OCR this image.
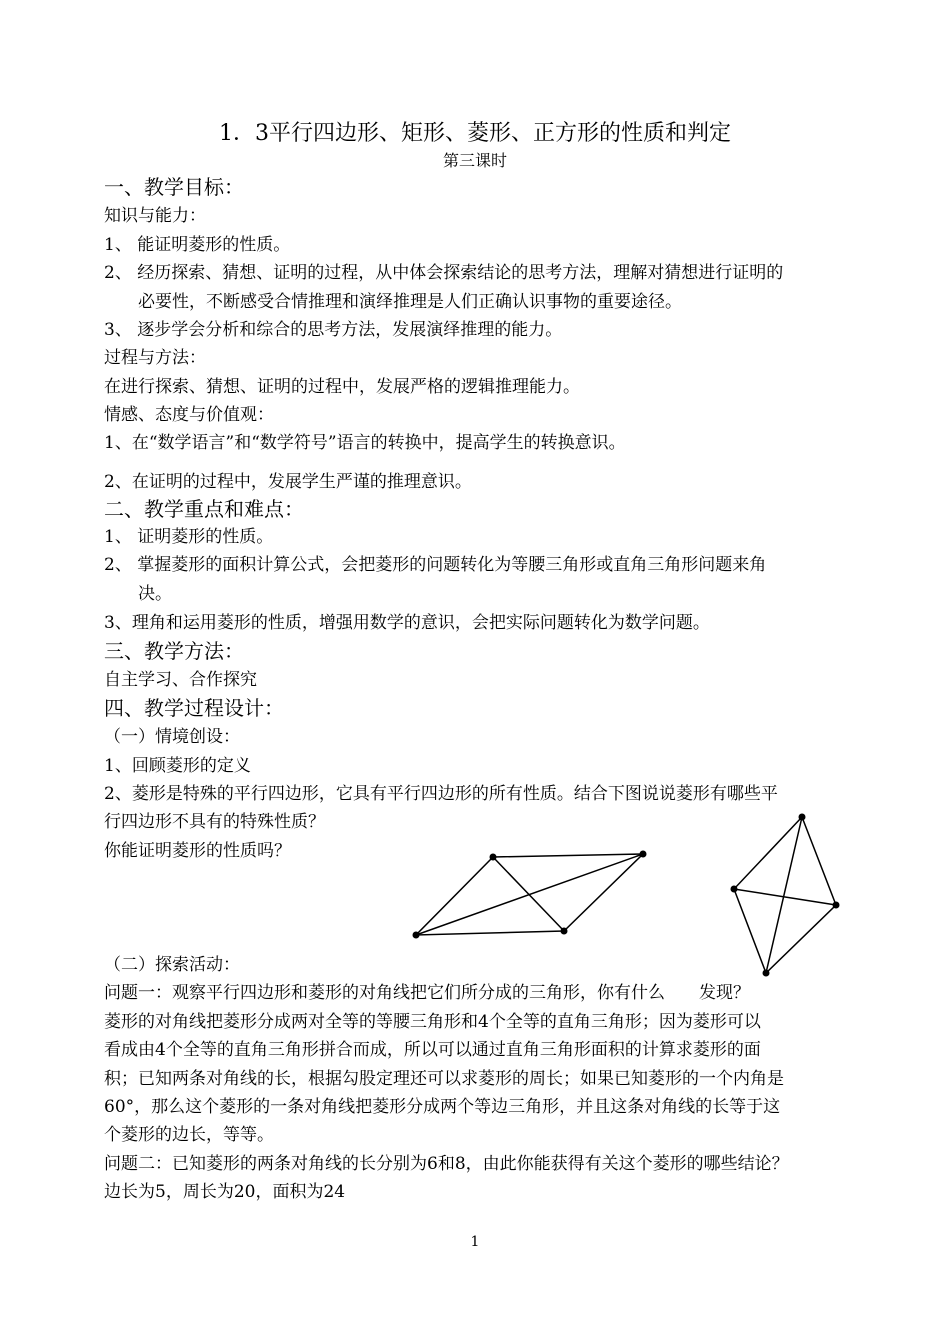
1．3平行四边形、矩形、菱形、正方形的性质和判定
第三课时
一、教学目标：
知识与能力：
1、 能证明菱形的性质。
2、 经历探索、猜想、证明的过程，从中体会探索结论的思考方法，理解对猜想进行证明的
必要性，不断感受合情推理和演绎推理是人们正确认识事物的重要途径。
3、 逐步学会分析和综合的思考方法，发展演绎推理的能力。
过程与方法：
在进行探索、猜想、证明的过程中，发展严格的逻辑推理能力。
情感、态度与价值观：
1、在“数学语言”和“数学符号”语言的转换中，提高学生的转换意识。
2、在证明的过程中，发展学生严谨的推理意识。
二、教学重点和难点：
1、 证明菱形的性质。
2、 掌握菱形的面积计算公式，会把菱形的问题转化为等腰三角形或直角三角形问题来角
决。
3、理角和运用菱形的性质，增强用数学的意识，会把实际问题转化为数学问题。
三、教学方法：
自主学习、合作探究
四、教学过程设计：
（一）情境创设：
1、回顾菱形的定义
2、菱形是特殊的平行四边形，它具有平行四边形的所有性质。结合下图说说菱形有哪些平
行四边形不具有的特殊性质？
你能证明菱形的性质吗？
（二）探索活动：
问题一：观察平行四边形和菱形的对角线把它们所分成的三角形，你有什么　　发现？
菱形的对角线把菱形分成两对全等的等腰三角形和4个全等的直角三角形；因为菱形可以
看成由4个全等的直角三角形拼合而成，所以可以通过直角三角形面积的计算求菱形的面
积；已知两条对角线的长，根据勾股定理还可以求菱形的周长；如果已知菱形的一个内角是
60°，那么这个菱形的一条对角线把菱形分成两个等边三角形，并且这条对角线的长等于这
个菱形的边长，等等。
问题二：已知菱形的两条对角线的长分别为6和8，由此你能获得有关这个菱形的哪些结论？
边长为5，周长为20，面积为24
1
